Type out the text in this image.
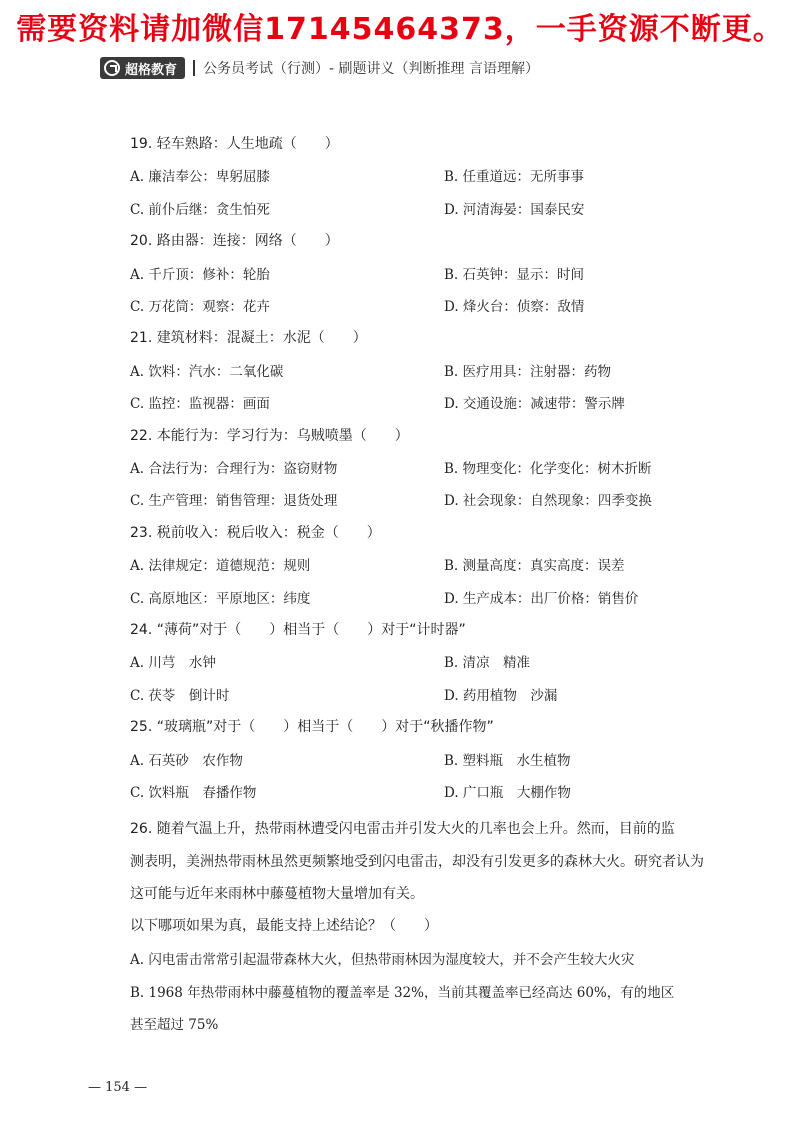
需要资料请加微信17145464373，一手资源不断更。
超格教育 公务员考试（行测）- 刷题讲义（判断推理 言语理解）
19. 轻车熟路：人生地疏（　　）
A. 廉洁奉公：卑躬屈膝	B. 任重道远：无所事事
C. 前仆后继：贪生怕死	D. 河清海晏：国泰民安
20. 路由器：连接：网络（　　）
A. 千斤顶：修补：轮胎	B. 石英钟：显示：时间
C. 万花筒：观察：花卉	D. 烽火台：侦察：敌情
21. 建筑材料：混凝土：水泥（　　）
A. 饮料：汽水：二氧化碳	B. 医疗用具：注射器：药物
C. 监控：监视器：画面	D. 交通设施：减速带：警示牌
22. 本能行为：学习行为：乌贼喷墨（　　）
A. 合法行为：合理行为：盗窃财物	B. 物理变化：化学变化：树木折断
C. 生产管理：销售管理：退货处理	D. 社会现象：自然现象：四季变换
23. 税前收入：税后收入：税金（　　）
A. 法律规定：道德规范：规则	B. 测量高度：真实高度：误差
C. 高原地区：平原地区：纬度	D. 生产成本：出厂价格：销售价
24. “薄荷”对于（　　）相当于（　　）对于“计时器”
A. 川芎　水钟	B. 清凉　精准
C. 茯苓　倒计时	D. 药用植物　沙漏
25. “玻璃瓶”对于（　　）相当于（　　）对于“秋播作物”
A. 石英砂　农作物	B. 塑料瓶　水生植物
C. 饮料瓶　春播作物	D. 广口瓶　大棚作物
26. 随着气温上升，热带雨林遭受闪电雷击并引发大火的几率也会上升。然而，目前的监
测表明，美洲热带雨林虽然更频繁地受到闪电雷击，却没有引发更多的森林大火。研究者认为
这可能与近年来雨林中藤蔓植物大量增加有关。
以下哪项如果为真，最能支持上述结论？（　　）
A. 闪电雷击常常引起温带森林大火，但热带雨林因为湿度较大，并不会产生较大火灾
B. 1968 年热带雨林中藤蔓植物的覆盖率是 32%，当前其覆盖率已经高达 60%，有的地区
甚至超过 75%
— 154 —
